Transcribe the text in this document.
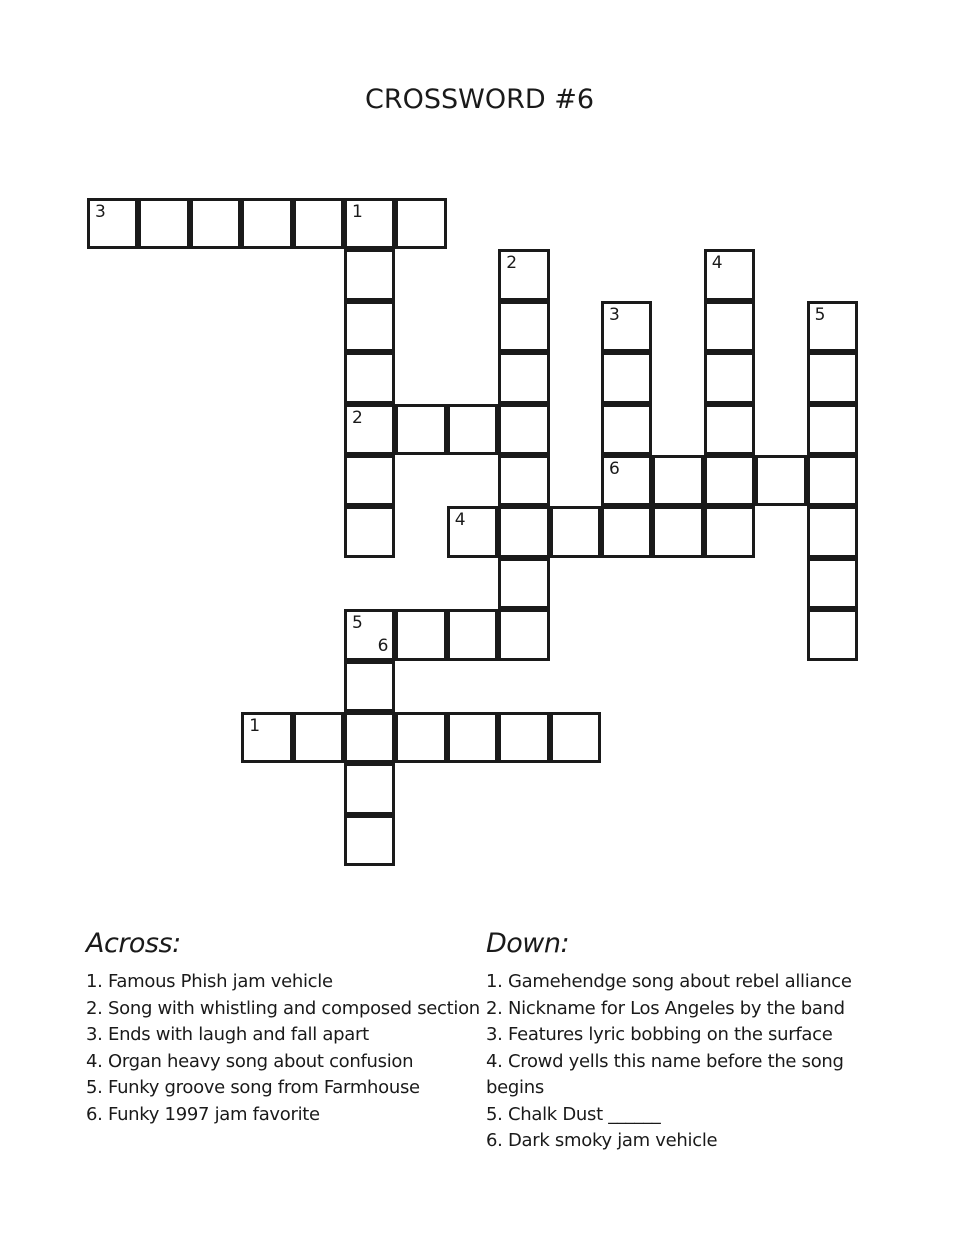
CROSSWORD #6
3	1
2
6
4
5
6
1
2
3
4
5
Across:
1. Famous Phish jam vehicle
2. Song with whistling and composed section
3. Ends with laugh and fall apart
4. Organ heavy song about confusion
5. Funky groove song from Farmhouse
6. Funky 1997 jam favorite
Down:
1. Gamehendge song about rebel alliance
2. Nickname for Los Angeles by the band
3. Features lyric bobbing on the surface
4. Crowd yells this name before the song begins
5. Chalk Dust ______
6. Dark smoky jam vehicle
